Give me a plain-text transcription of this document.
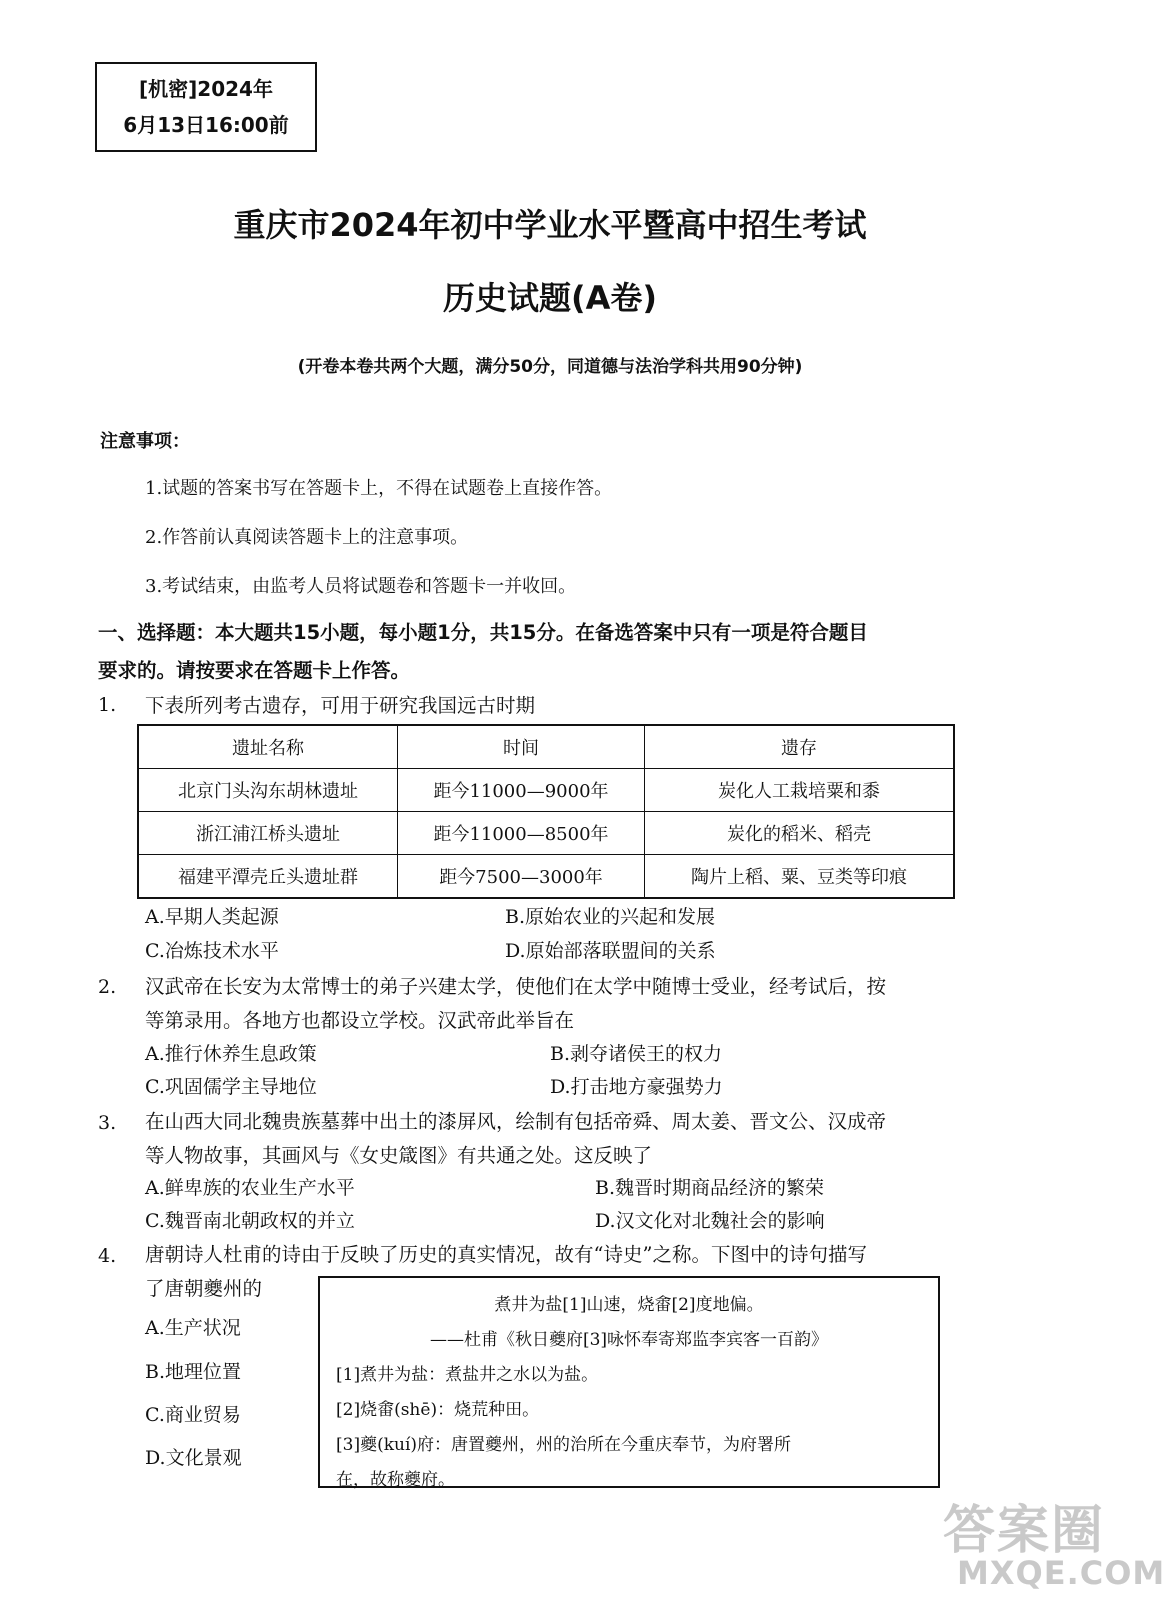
[机密]2024年
6月13日16:00前
重庆市2024年初中学业水平暨高中招生考试
历史试题(A卷)
(开卷本卷共两个大题，满分50分，同道德与法治学科共用90分钟)
注意事项：
1.试题的答案书写在答题卡上，不得在试题卷上直接作答。
2.作答前认真阅读答题卡上的注意事项。
3.考试结束，由监考人员将试题卷和答题卡一并收回。
一、选择题：本大题共15小题，每小题1分，共15分。在备选答案中只有一项是符合题目
要求的。请按要求在答题卡上作答。
1. 下表所列考古遗存，可用于研究我国远古时期
遗址名称	时间	遗存
北京门头沟东胡林遗址	距今11000—9000年	炭化人工栽培粟和黍
浙江浦江桥头遗址	距今11000—8500年	炭化的稻米、稻壳
福建平潭壳丘头遗址群	距今7500—3000年	陶片上稻、粟、豆类等印痕
A.早期人类起源	B.原始农业的兴起和发展
C.冶炼技术水平	D.原始部落联盟间的关系
2. 汉武帝在长安为太常博士的弟子兴建太学，使他们在太学中随博士受业，经考试后，按
等第录用。各地方也都设立学校。汉武帝此举旨在
A.推行休养生息政策	B.剥夺诸侯王的权力
C.巩固儒学主导地位	D.打击地方豪强势力
3. 在山西大同北魏贵族墓葬中出土的漆屏风，绘制有包括帝舜、周太姜、晋文公、汉成帝
等人物故事，其画风与《女史箴图》有共通之处。这反映了
A.鲜卑族的农业生产水平	B.魏晋时期商品经济的繁荣
C.魏晋南北朝政权的并立	D.汉文化对北魏社会的影响
4. 唐朝诗人杜甫的诗由于反映了历史的真实情况，故有“诗史”之称。下图中的诗句描写
了唐朝夔州的
A.生产状况
B.地理位置
C.商业贸易
D.文化景观
煮井为盐[1]山速，烧畬[2]度地偏。
——杜甫《秋日夔府[3]咏怀奉寄郑监李宾客一百韵》
[1]煮井为盐：煮盐井之水以为盐。
[2]烧畬(shē)：烧荒种田。
[3]夔(kuí)府：唐置夔州，州的治所在今重庆奉节，为府署所
在，故称夔府。
答案圈
MXQE.COM
